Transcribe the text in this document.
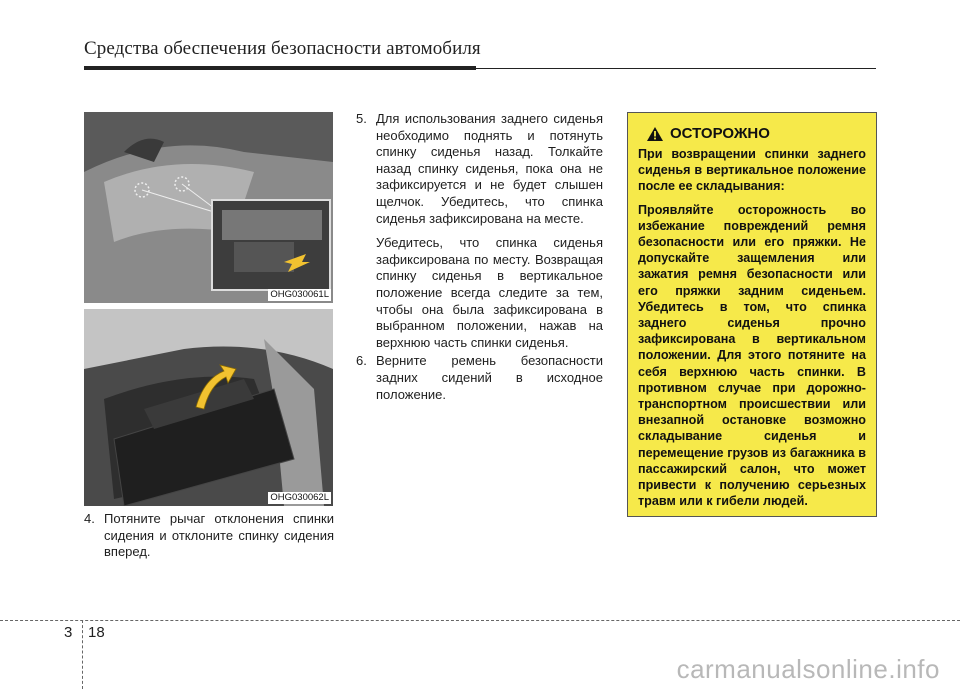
Средства обеспечения безопасности автомобиля
OHG030061L
OHG030062L
4. Потяните рычаг отклонения спинки сидения и отклоните спинку сидения вперед.
5. Для использования заднего сиденья необходимо поднять и потянуть спинку сиденья назад. Толкайте назад спинку сиденья, пока она не зафиксируется и не будет слышен щелчок. Убедитесь, что спинка сиденья зафиксирована на месте.
Убедитесь, что спинка сиденья зафиксирована по месту. Возвращая спинку сиденья в вертикальное положение всегда следите за тем, чтобы она была зафиксирована в выбранном положении, нажав на верхнюю часть спинки сиденья.
6. Верните ремень безопасности задних сидений в исходное положение.
ОСТОРОЖНО

При возвращении спинки заднего сиденья в вертикальное положение после ее складывания:

Проявляйте осторожность во избежание повреждений ремня безопасности или его пряжки. Не допускайте защемления или зажатия ремня безопасности или его пряжки задним сиденьем. Убедитесь в том, что спинка заднего сиденья прочно зафиксирована в вертикальном положении. Для этого потяните на себя верхнюю часть спинки. В противном случае при дорожно-транспортном происшествии или внезапной остановке возможно складывание сиденья и перемещение грузов из багажника в пассажирский салон, что может привести к получению серьезных травм или к гибели людей.

3 18
carmanualsonline.info
